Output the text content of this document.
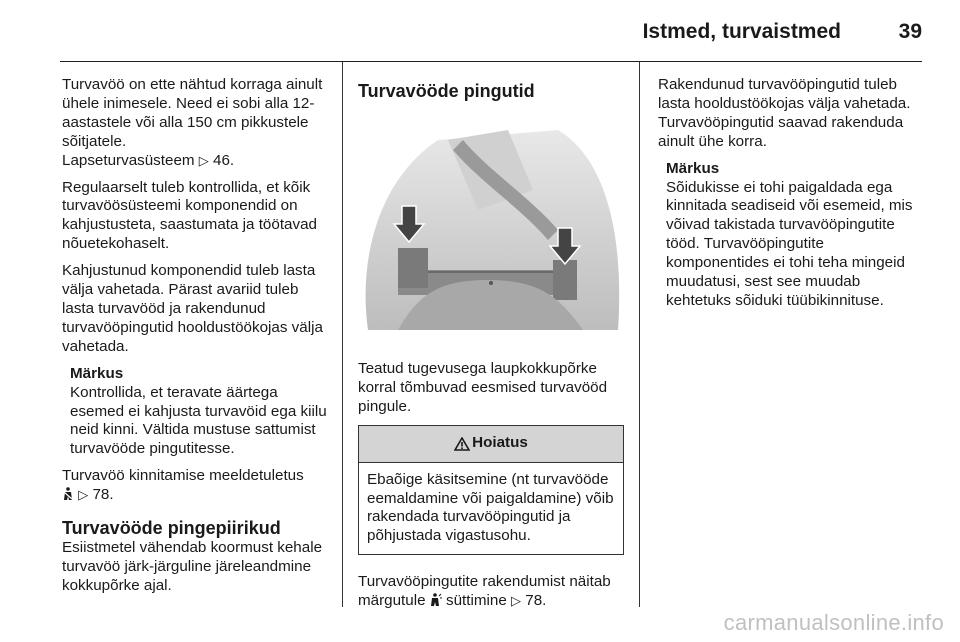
Istmed, turvaistmed	39

Turvavöö on ette nähtud korraga ainult ühele inimesele. Need ei sobi alla 12-aastastele või alla 150 cm pikkustele sõitjatele.
Lapseturvasüsteem ▷ 46.

Regulaarselt tuleb kontrollida, et kõik turvavöösüsteemi komponendid on kahjustusteta, saastumata ja töötavad nõuetekohaselt.

Kahjustunud komponendid tuleb lasta välja vahetada. Pärast avariid tuleb lasta turvavööd ja rakendunud turvavööpingutid hooldustöökojas välja vahetada.

Märkus
Kontrollida, et teravate äärtega esemed ei kahjusta turvavöid ega kiilu neid kinni. Vältida mustuse sattumist turvavööde pingutitesse.

Turvavöö kinnitamise meeldetuletus
▷ 78.

Turvavööde pingepiirikud

Esiistmetel vähendab koormust kehale turvavöö järk-järguline järeleandmine kokkupõrke ajal.

Turvavööde pingutid

Teatud tugevusega laupkokkupõrke korral tõmbuvad eesmised turvavööd pingule.

Hoiatus
Ebaõige käsitsemine (nt turvavööde eemaldamine või paigaldamine) võib rakendada turvavööpingutid ja põhjustada vigastusohu.

Turvavööpingutite rakendumist näitab märgutule süttimine ▷ 78.

Rakendunud turvavööpingutid tuleb lasta hooldustöökojas välja vahetada. Turvavööpingutid saavad rakenduda ainult ühe korra.

Märkus
Sõidukisse ei tohi paigaldada ega kinnitada seadiseid või esemeid, mis võivad takistada turvavööpingutite tööd. Turvavööpingutite komponentides ei tohi teha mingeid muudatusi, sest see muudab kehtetuks sõiduki tüübikinnituse.
carmanualsonline.info
